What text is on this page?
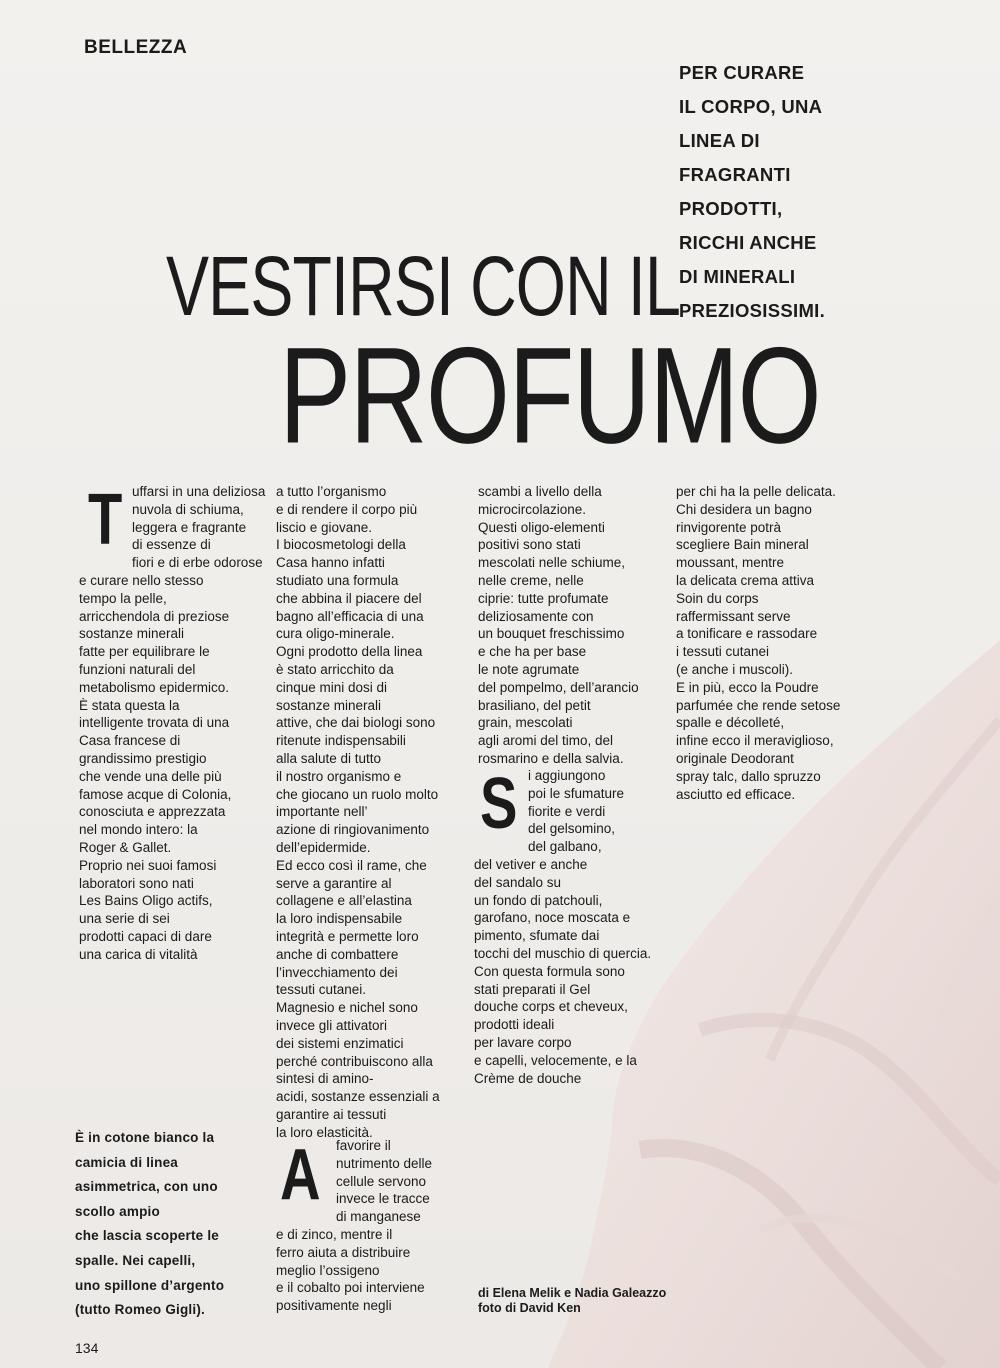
BELLEZZA
PER CURARE
IL CORPO, UNA
LINEA DI
FRAGRANTI
PRODOTTI,
RICCHI ANCHE
DI MINERALI
PREZIOSISSIMI.
VESTIRSI CON IL
PROFUMO
T uffarsi in una deliziosa
nuvola di schiuma,
leggera e fragrante
di essenze di
fiori e di erbe odorose
e curare nello stesso
tempo la pelle,
arricchendola di preziose
sostanze minerali
fatte per equilibrare le
funzioni naturali del
metabolismo epidermico.
È stata questa la
intelligente trovata di una
Casa francese di
grandissimo prestigio
che vende una delle più
famose acque di Colonia,
conosciuta e apprezzata
nel mondo intero: la
Roger & Gallet.
Proprio nei suoi famosi
laboratori sono nati
Les Bains Oligo actifs,
una serie di sei
prodotti capaci di dare
una carica di vitalità
a tutto l’organismo
e di rendere il corpo più
liscio e giovane.
I biocosmetologi della
Casa hanno infatti
studiato una formula
che abbina il piacere del
bagno all’efficacia di una
cura oligo-minerale.
Ogni prodotto della linea
è stato arricchito da
cinque mini dosi di
sostanze minerali
attive, che dai biologi sono
ritenute indispensabili
alla salute di tutto
il nostro organismo e
che giocano un ruolo molto
importante nell’
azione di ringiovanimento
dell’epidermide.
Ed ecco così il rame, che
serve a garantire al
collagene e all’elastina
la loro indispensabile
integrità e permette loro
anche di combattere
l’invecchiamento dei
tessuti cutanei.
Magnesio e nichel sono
invece gli attivatori
dei sistemi enzimatici
perché contribuiscono alla
sintesi di amino-
acidi, sostanze essenziali a
garantire ai tessuti
la loro elasticità.
A favorire il
nutrimento delle
cellule servono
invece le tracce
di manganese
e di zinco, mentre il
ferro aiuta a distribuire
meglio l’ossigeno
e il cobalto poi interviene
positivamente negli
scambi a livello della
microcircolazione.
Questi oligo-elementi
positivi sono stati
mescolati nelle schiume,
nelle creme, nelle
ciprie: tutte profumate
deliziosamente con
un bouquet freschissimo
e che ha per base
le note agrumate
del pompelmo, dell’arancio
brasiliano, del petit
grain, mescolati
agli aromi del timo, del
rosmarino e della salvia.
S i aggiungono
poi le sfumature
fiorite e verdi
del gelsomino,
del galbano,
del vetiver e anche
del sandalo su
un fondo di patchouli,
garofano, noce moscata e
pimento, sfumate dai
tocchi del muschio di quercia.
Con questa formula sono
stati preparati il Gel
douche corps et cheveux,
prodotti ideali
per lavare corpo
e capelli, velocemente, e la
Crème de douche
per chi ha la pelle delicata.
Chi desidera un bagno
rinvigorente potrà
scegliere Bain mineral
moussant, mentre
la delicata crema attiva
Soin du corps
raffermissant serve
a tonificare e rassodare
i tessuti cutanei
(e anche i muscoli).
E in più, ecco la Poudre
parfumée che rende setose
spalle e décolleté,
infine ecco il meraviglioso,
originale Deodorant
spray talc, dallo spruzzo
asciutto ed efficace.
È in cotone bianco la
camicia di linea
asimmetrica, con uno
scollo ampio
che lascia scoperte le
spalle. Nei capelli,
uno spillone d’argento
(tutto Romeo Gigli).
di Elena Melik e Nadia Galeazzo
foto di David Ken
134
